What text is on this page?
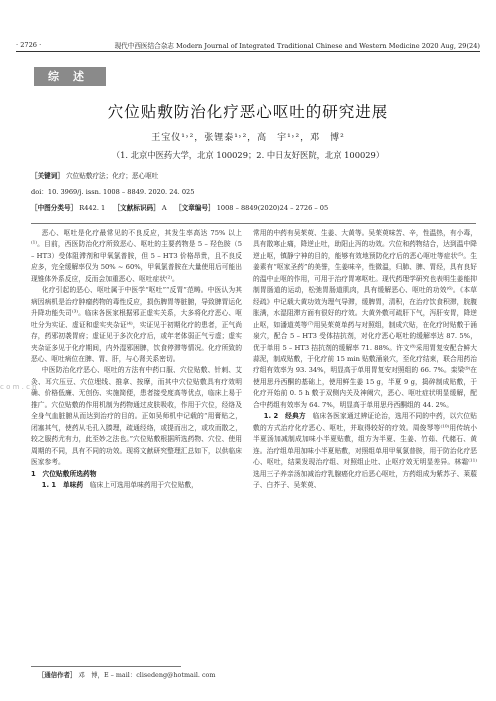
· 2726 ·	现代中西医结合杂志 Modern Journal of Integrated Traditional Chinese and Western Medicine 2020 Aug, 29(24)
综述
穴位贴敷防治化疗恶心呕吐的研究进展
王宝仪¹˒²，张锂泰¹˒²，高　宇¹˒²，邓　博²
（1. 北京中医药大学，北京 100029；2. 中日友好医院，北京 100029）
［关键词］ 穴位贴敷疗法；化疗；恶心呕吐
doi：10. 3969/j. issn. 1008 – 8849. 2020. 24. 025
［中图分类号］ R442. 1 ［文献标识码］ A ［文章编号］ 1008 – 8849(2020)24 – 2726 – 05

恶心、呕吐是化疗最常见的不良反应，其发生率高达 75% 以上⁽¹⁾。目前，西医防治化疗所致恶心、呕吐的主要药物是 5 – 羟色胺（5 – HT3）受体阻滞剂和甲氧氯普胺，但 5 – HT3 价格昂贵，且不良反应多，完全缓解率仅为 50% ~ 60%，甲氧氯普胺在大量使用后可能出现锥体外系反应，反而会加重恶心、呕吐症状⁽²⁾。

化疗引起的恶心、呕吐属于中医学“呕吐”“反胃”范畴。中医认为其病因病机是治疗肿瘤药物的毒性反应，损伤脾胃等脏腑，导致脾胃运化升降功能失司⁽³⁾。临床各医家根据邪正虚实关系，大多将化疗恶心、呕吐分为实证、虚证和虚实夹杂证⁽⁴⁾，实证见于初期化疗的患者，正气尚存，药邪初袭胃府；虚证见于多次化疗后，或年老体弱正气亏虚；虚实夹杂证多见于化疗期间，内外湿邪困脾，饮食停滞等情况。化疗所致的恶心、呕吐病位在脾、胃、肝，与心肾关系密切。

中医防治化疗恶心、呕吐的方法有中药口服、穴位贴敷、针刺、艾灸、耳穴压豆、穴位埋线、推拿、按摩，而其中穴位贴敷具有疗效明确、价格低廉、无创伤、实施简便，患者接受度高等优点，临床上易于推广。穴位贴敷的作用机制为药物通过皮肤吸收，作用于穴位，经络及全身气血脏腑从而达到治疗的目的。正如吴师机中记载的“用膏贴之，闭塞其气，使药从毛孔入腠理，疏通经络，或提而出之，或攻而散之，较之服药尤有力，此至妙之法也。”穴位贴敷根据所选药物、穴位、使用周期的不同，具有不同的功效。现将文献研究整理汇总如下，以供临床医家参考。

1　穴位贴敷所选药物

1. 1　单味药　 临床上可选用单味药用于穴位贴敷，

常用的中药有吴茱萸、生姜、大黄等。吴茱萸味苦、辛，性温热，有小毒，具有散寒止痛，降逆止吐，助阳止泻的功效。穴位和药物结合，达到温中降逆止呕，镇静宁神的目的，能够有效地预防化疗后的恶心呕吐等症状⁽⁵⁾。生姜素有“呕家圣药”的美誉，生姜味辛，性微温，归肺、脾、胃经，具有良好的温中止呕的作用，可用于治疗胃寒呕吐。现代药理学研究也表明生姜能抑制胃肠道的运动，松弛胃肠道肌肉，具有缓解恶心、呕吐的功效⁽⁶⁾。《本草经疏》中记载大黄功效为理气导滞，缓脾胃，清积，在治疗饮食积滞，脘腹胀满，水湿阻滞方面有很好的疗效。大黄外敷可疏肝下气，泻肝安胃，降逆止呕，如潘道英等⁽⁷⁾用吴茱萸单药与对照组，制成穴贴，在化疗时贴敷于涌泉穴，配合 5 – HT3 受体拮抗剂，对化疗恶心呕吐的缓解率达 87. 5%，优于单用 5 – HT3 拮抗剂的缓解率 71. 88%。许文⁽⁸⁾采用胃复安配合鲜大蒜泥，制成贴敷，于化疗前 15 min 贴敷涌泉穴，至化疗结束，联合用药治疗组有效率为 93. 34%，明显高于单用胃复安对照组的 66. 7%。栾梁⁽⁹⁾在使用思丹西酮的基础上，使用鲜生姜 15 g，半夏 9 g，捣碎制成贴敷，于化疗开始前 0. 5 h 敷于双侧内关及神阙穴，恶心、呕吐症状明显缓解，配合中药组有效率为 64. 7%，明显高于单用思丹西酮组的 44. 2%。

1. 2　经典方　 临床各医家通过辨证论治，选用不同的中药，以穴位贴敷的方式治疗化疗恶心、呕吐，并取得较好的疗效。周俊琴等⁽¹⁰⁾用传统小半夏汤加减制成加味小半夏贴敷，组方为半夏、生姜、竹茹、代赭石、黄连。治疗组单用加味小半夏贴敷，对照组单用甲氧氯普胺，用于防治化疗恶心、呕吐，结果发现治疗组、对照组止吐、止呕疗效无明显差异。林霜⁽¹¹⁾选用三子养亲汤加减治疗乳腺癌化疗后恶心呕吐，方药组成为紫苏子、莱菔子、白芥子、吴茱萸、

［通信作者］ 邓　博，E – mail：clisedeng@hotmail. com
c o m . c n
